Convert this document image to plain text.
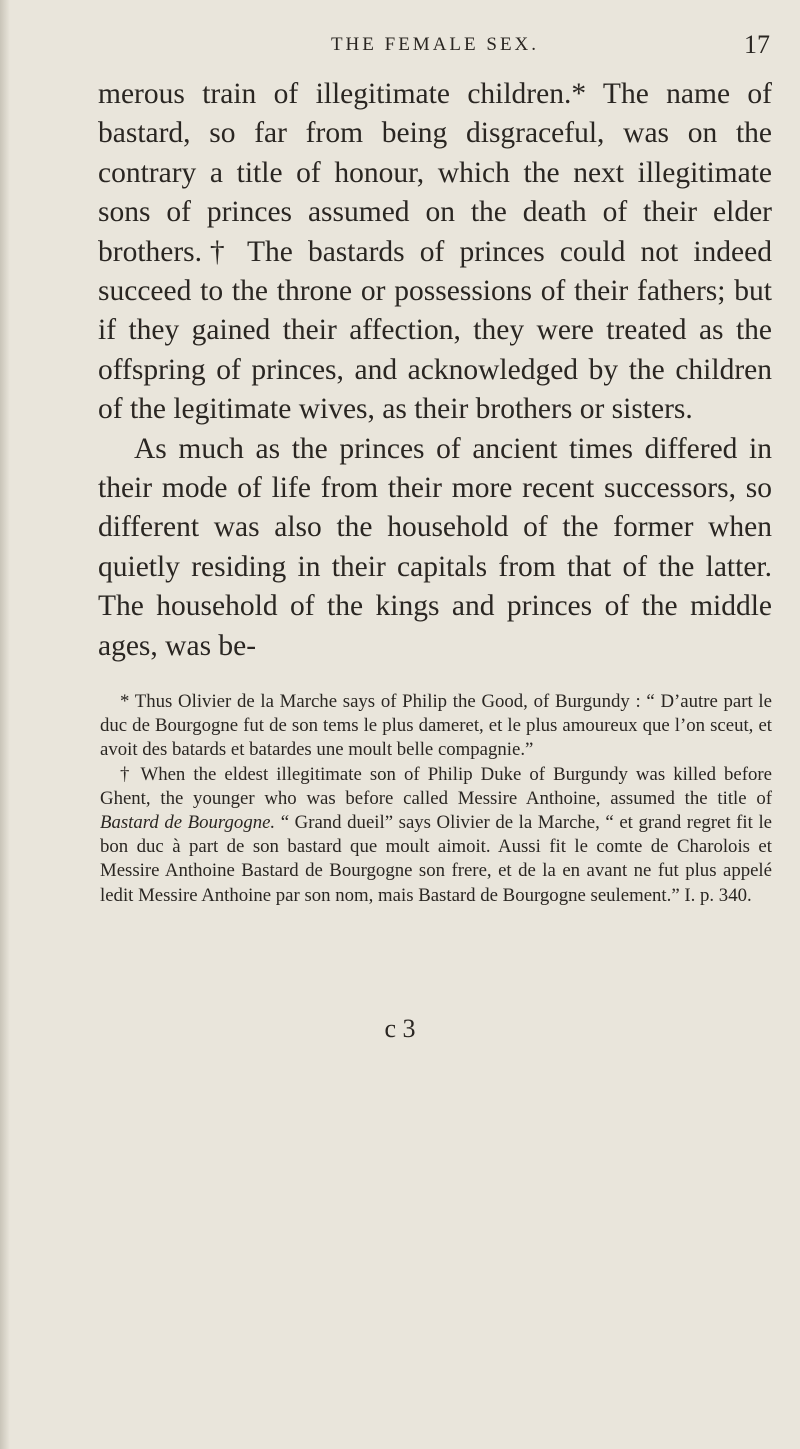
THE FEMALE SEX.	17

merous train of illegitimate children.* The name of bastard, so far from being disgraceful, was on the contrary a title of honour, which the next illegitimate sons of princes assumed on the death of their elder brothers.† The bastards of princes could not indeed succeed to the throne or possessions of their fathers; but if they gained their affection, they were treated as the offspring of princes, and acknowledged by the children of the legitimate wives, as their brothers or sisters.

As much as the princes of ancient times differed in their mode of life from their more recent successors, so different was also the household of the former when quietly residing in their capitals from that of the latter. The household of the kings and princes of the middle ages, was be-

* Thus Olivier de la Marche says of Philip the Good, of Burgundy : “ D’autre part le duc de Bourgogne fut de son tems le plus dameret, et le plus amoureux que l’on sceut, et avoit des batards et batardes une moult belle compagnie.”

† When the eldest illegitimate son of Philip Duke of Burgundy was killed before Ghent, the younger who was before called Messire Anthoine, assumed the title of Bastard de Bourgogne. “ Grand dueil” says Olivier de la Marche, “ et grand regret fit le bon duc à part de son bastard que moult aimoit. Aussi fit le comte de Charolois et Messire Anthoine Bastard de Bourgogne son frere, et de la en avant ne fut plus appelé ledit Messire Anthoine par son nom, mais Bastard de Bourgogne seulement.” I. p. 340.

c 3
